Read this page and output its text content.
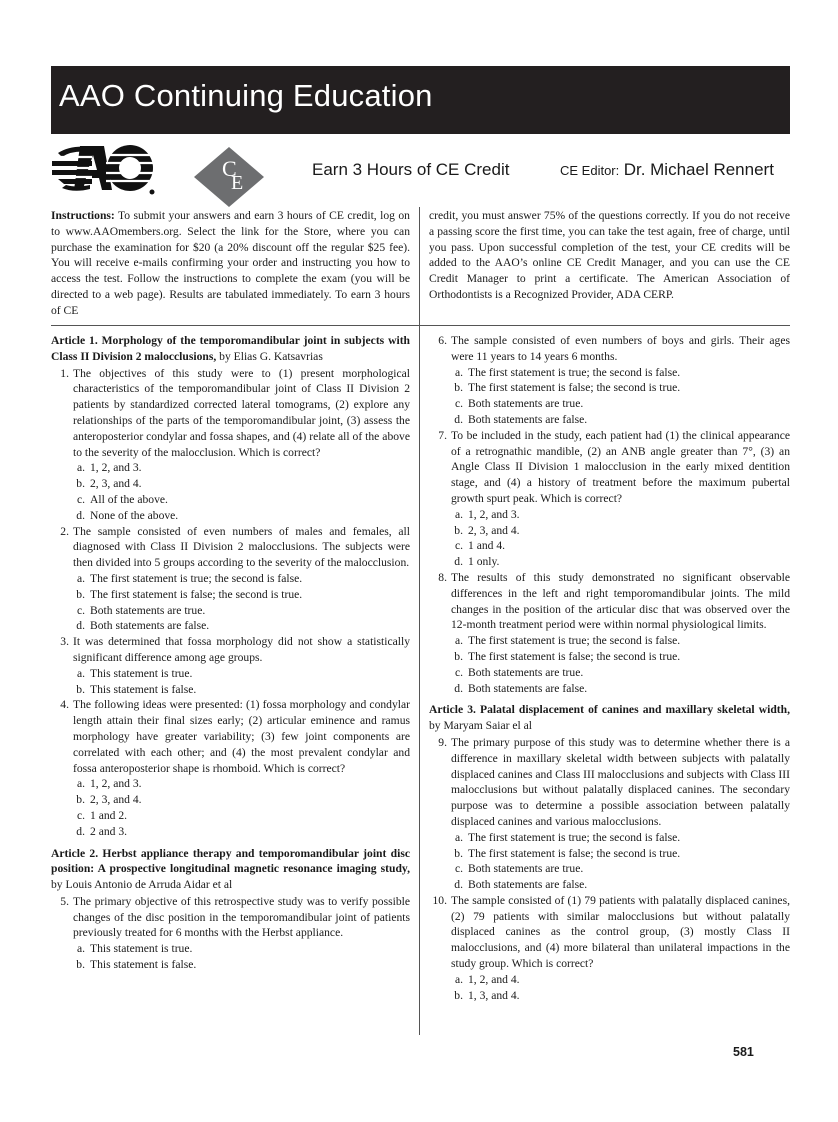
AAO Continuing Education
C
E
Earn 3 Hours of CE Credit	CE Editor: Dr. Michael Rennert

Instructions: To submit your answers and earn 3 hours of CE credit, log on to www.AAOmembers.org. Select the link for the Store, where you can purchase the examination for $20 (a 20% discount off the regular $25 fee). You will receive e-mails confirming your order and instructing you how to access the test. Follow the instructions to complete the exam (you will be directed to a web page). Results are tabulated immediately. To earn 3 hours of CE

credit, you must answer 75% of the questions correctly. If you do not receive a passing score the first time, you can take the test again, free of charge, until you pass. Upon successful completion of the test, your CE credits will be added to the AAO’s online CE Credit Manager, and you can use the CE Credit Manager to print a certificate. The American Association of Orthodontists is a Recognized Provider, ADA CERP.

Article 1. Morphology of the temporomandibular joint in subjects with Class II Division 2 malocclusions, by Elias G. Katsavrias

1. The objectives of this study were to (1) present morphological characteristics of the temporomandibular joint of Class II Division 2 patients by standardized corrected lateral tomograms, (2) explore any relationships of the parts of the temporomandibular joint, (3) assess the anteroposterior condylar and fossa shapes, and (4) relate all of the above to the severity of the malocclusion. Which is correct?
a. 1, 2, and 3.
b. 2, 3, and 4.
c. All of the above.
d. None of the above.
2. The sample consisted of even numbers of males and females, all diagnosed with Class II Division 2 malocclusions. The subjects were then divided into 5 groups according to the severity of the malocclusion.
a. The first statement is true; the second is false.
b. The first statement is false; the second is true.
c. Both statements are true.
d. Both statements are false.
3. It was determined that fossa morphology did not show a statistically significant difference among age groups.
a. This statement is true.
b. This statement is false.
4. The following ideas were presented: (1) fossa morphology and condylar length attain their final sizes early; (2) articular eminence and ramus morphology have greater variability; (3) few joint components are correlated with each other; and (4) the most prevalent condylar and fossa anteroposterior shape is rhomboid. Which is correct?
a. 1, 2, and 3.
b. 2, 3, and 4.
c. 1 and 2.
d. 2 and 3.

Article 2. Herbst appliance therapy and temporomandibular joint disc position: A prospective longitudinal magnetic resonance imaging study, by Louis Antonio de Arruda Aidar et al

5. The primary objective of this retrospective study was to verify possible changes of the disc position in the temporomandibular joint of patients previously treated for 6 months with the Herbst appliance.
a. This statement is true.
b. This statement is false.
6. The sample consisted of even numbers of boys and girls. Their ages were 11 years to 14 years 6 months.
a. The first statement is true; the second is false.
b. The first statement is false; the second is true.
c. Both statements are true.
d. Both statements are false.
7. To be included in the study, each patient had (1) the clinical appearance of a retrognathic mandible, (2) an ANB angle greater than 7°, (3) an Angle Class II Division 1 malocclusion in the early mixed dentition stage, and (4) a history of treatment before the maximum pubertal growth spurt peak. Which is correct?
a. 1, 2, and 3.
b. 2, 3, and 4.
c. 1 and 4.
d. 1 only.
8. The results of this study demonstrated no significant observable differences in the left and right temporomandibular joints. The mild changes in the position of the articular disc that was observed over the 12-month treatment period were within normal physiological limits.
a. The first statement is true; the second is false.
b. The first statement is false; the second is true.
c. Both statements are true.
d. Both statements are false.

Article 3. Palatal displacement of canines and maxillary skeletal width, by Maryam Saiar el al

9. The primary purpose of this study was to determine whether there is a difference in maxillary skeletal width between subjects with palatally displaced canines and Class III malocclusions and subjects with Class III malocclusions but without palatally displaced canines. The secondary purpose was to determine a possible association between palatally displaced canines and various malocclusions.
a. The first statement is true; the second is false.
b. The first statement is false; the second is true.
c. Both statements are true.
d. Both statements are false.
10. The sample consisted of (1) 79 patients with palatally displaced canines, (2) 79 patients with similar malocclusions but without palatally displaced canines as the control group, (3) mostly Class II malocclusions, and (4) more bilateral than unilateral impactions in the study group. Which is correct?
a. 1, 2, and 4.
b. 1, 3, and 4.
581
